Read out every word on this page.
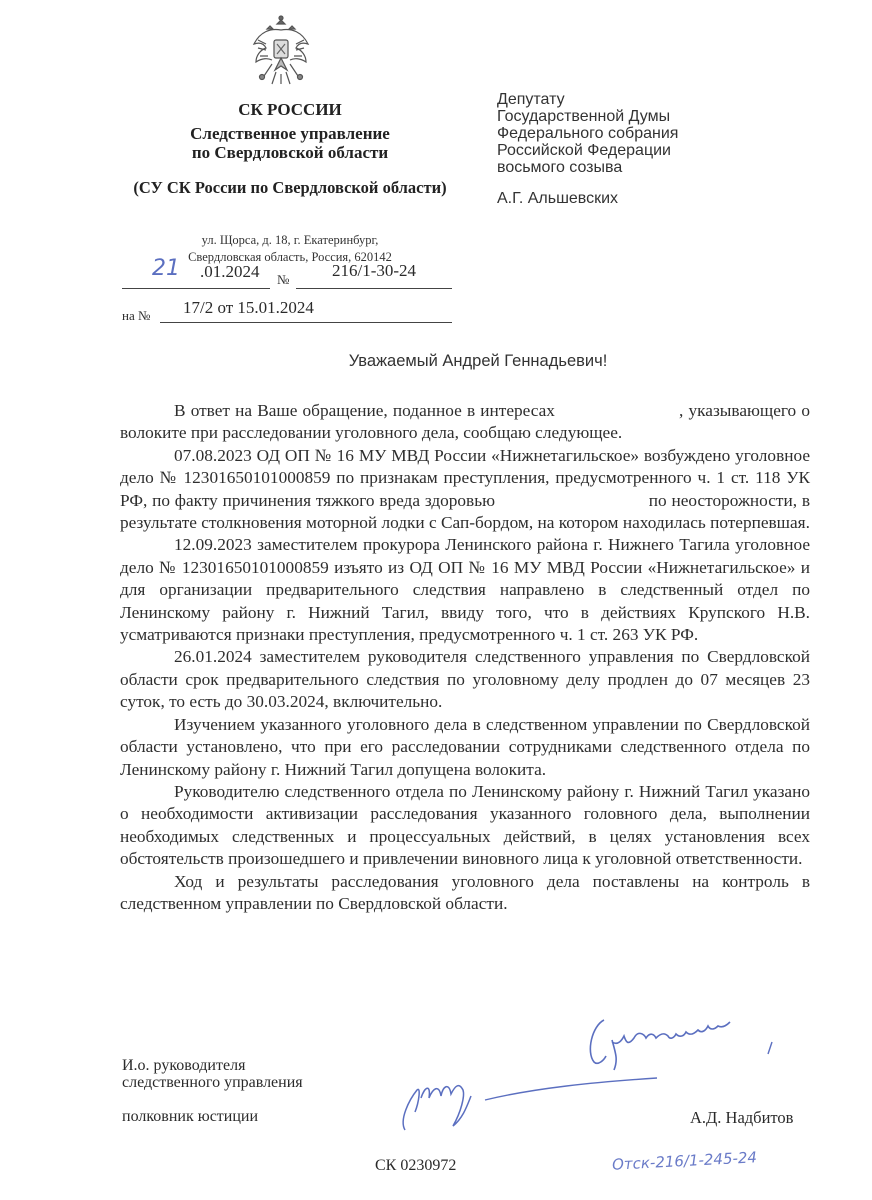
СК РОССИИ
Следственное управление
по Свердловской области
(СУ СК России по Свердловской области)
ул. Щорса, д. 18, г. Екатеринбург,
Свердловская область, Россия, 620142
21 .01.2024 №	216/1-30-24
на № 17/2 от 15.01.2024
Депутату
Государственной Думы
Федерального собрания
Российской Федерации
восьмого созыва
А.Г. Альшевских
Уважаемый Андрей Геннадьевич!

В ответ на Ваше обращение, поданное в интересах                        , указывающего о волоките при расследовании уголовного дела, сообщаю следующее.

07.08.2023 ОД ОП № 16 МУ МВД России «Нижнетагильское» возбуждено уголовное дело № 12301650101000859 по признакам преступления, предусмотренного ч. 1 ст. 118 УК РФ, по факту причинения тяжкого вреда здоровью                                по неосторожности, в результате столкновения моторной лодки с Сап-бордом, на котором находилась потерпевшая.

12.09.2023 заместителем прокурора Ленинского района г. Нижнего Тагила уголовное дело № 12301650101000859 изъято из ОД ОП № 16 МУ МВД России «Нижнетагильское» и для организации предварительного следствия направлено в следственный отдел по Ленинскому району г. Нижний Тагил, ввиду того, что в действиях Крупского Н.В. усматриваются признаки преступления, предусмотренного ч. 1 ст. 263 УК РФ.

26.01.2024 заместителем руководителя следственного управления по Свердловской области срок предварительного следствия по уголовному делу продлен до 07 месяцев 23 суток, то есть до 30.03.2024, включительно.

Изучением указанного уголовного дела в следственном управлении по Свердловской области установлено, что при его расследовании сотрудниками следственного отдела по Ленинскому району г. Нижний Тагил допущена волокита.

Руководителю следственного отдела по Ленинскому району г. Нижний Тагил указано о необходимости активизации расследования указанного головного дела, выполнении необходимых следственных и процессуальных действий, в целях установления всех обстоятельств произошедшего и привлечении виновного лица к уголовной ответственности.

Ход и результаты расследования уголовного дела поставлены на контроль в следственном управлении по Свердловской области.

И.о. руководителя
следственного управления
полковник юстиции	А.Д. Надбитов
СК 0230972	Отск-216/1-245-24
